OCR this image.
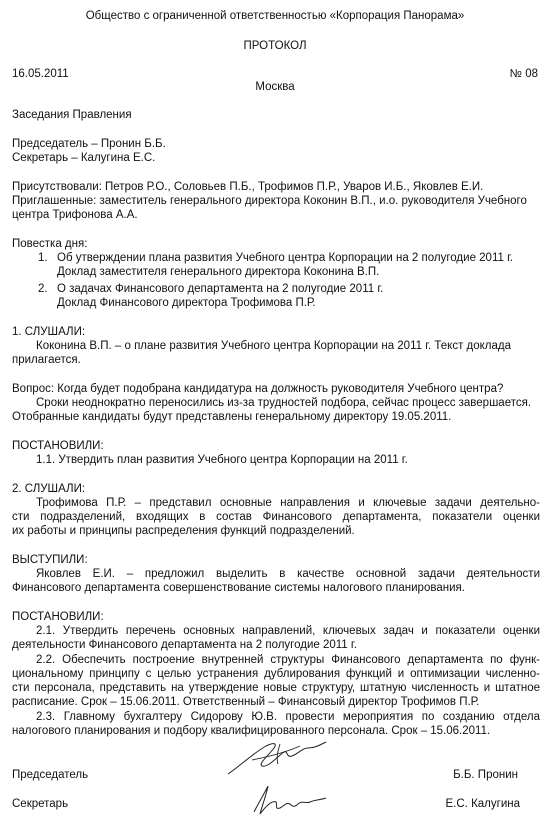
Общество с ограниченной ответственностью «Корпорация Панорама»
ПРОТОКОЛ
16.05.2011	№ 08
Москва
Заседания Правления
Председатель – Пронин Б.Б.
Секретарь – Калугина Е.С.
Присутствовали: Петров Р.О., Соловьев П.Б., Трофимов П.Р., Уваров И.Б., Яковлев Е.И.
Приглашенные: заместитель генерального директора Коконин В.П., и.о. руководителя Учебного
центра Трифонова А.А.
Повестка дня:
1. Об утверждении плана развития Учебного центра Корпорации на 2 полугодие 2011 г.
Доклад заместителя генерального директора Коконина В.П.
2. О задачах Финансового департамента на 2 полугодие 2011 г.
Доклад Финансового директора Трофимова П.Р.
1. СЛУШАЛИ:
Коконина В.П. – о плане развития Учебного центра Корпорации на 2011 г. Текст доклада
прилагается.
Вопрос: Когда будет подобрана кандидатура на должность руководителя Учебного центра?
Сроки неоднократно переносились из-за трудностей подбора, сейчас процесс завершается.
Отобранные кандидаты будут представлены генеральному директору 19.05.2011.
ПОСТАНОВИЛИ:
1.1. Утвердить план развития Учебного центра Корпорации на 2011 г.
2. СЛУШАЛИ:
Трофимова П.Р. – представил основные направления и ключевые задачи деятельно-
сти подразделений, входящих в состав Финансового департамента, показатели оценки
их работы и принципы распределения функций подразделений.
ВЫСТУПИЛИ:
Яковлев Е.И. – предложил выделить в качестве основной задачи деятельности
Финансового департамента совершенствование системы налогового планирования.
ПОСТАНОВИЛИ:
2.1. Утвердить перечень основных направлений, ключевых задач и показатели оценки
деятельности Финансового департамента на 2 полугодие 2011 г.
2.2. Обеспечить построение внутренней структуры Финансового департамента по функ-
циональному принципу с целью устранения дублирования функций и оптимизации численно-
сти персонала, представить на утверждение новые структуру, штатную численность и штатное
расписание. Срок – 15.06.2011. Ответственный – Финансовый директор Трофимов П.Р.
2.3. Главному бухгалтеру Сидорову Ю.В. провести мероприятия по созданию отдела
налогового планирования и подбору квалифицированного персонала. Срок – 15.06.2011.
Председатель	Б.Б. Пронин
Секретарь	Е.С. Калугина
